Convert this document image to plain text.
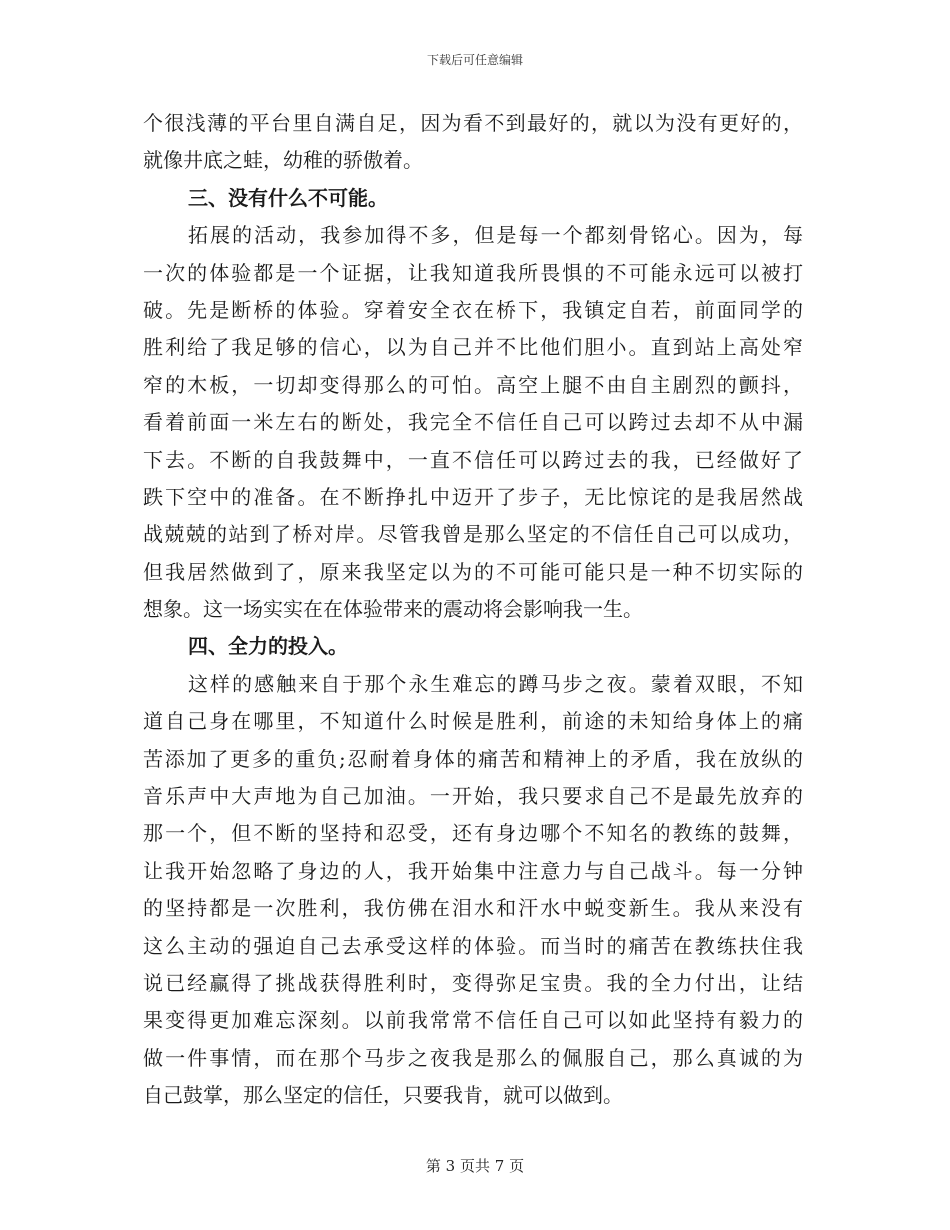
下载后可任意编辑
个很浅薄的平台里自满自足，因为看不到最好的，就以为没有更好的，
就像井底之蛙，幼稚的骄傲着。
三、没有什么不可能。
拓展的活动，我参加得不多，但是每一个都刻骨铭心。因为，每
一次的体验都是一个证据，让我知道我所畏惧的不可能永远可以被打
破。先是断桥的体验。穿着安全衣在桥下，我镇定自若，前面同学的
胜利给了我足够的信心，以为自己并不比他们胆小。直到站上高处窄
窄的木板，一切却变得那么的可怕。高空上腿不由自主剧烈的颤抖，
看着前面一米左右的断处，我完全不信任自己可以跨过去却不从中漏
下去。不断的自我鼓舞中，一直不信任可以跨过去的我，已经做好了
跌下空中的准备。在不断挣扎中迈开了步子，无比惊诧的是我居然战
战兢兢的站到了桥对岸。尽管我曾是那么坚定的不信任自己可以成功，
但我居然做到了，原来我坚定以为的不可能可能只是一种不切实际的
想象。这一场实实在在体验带来的震动将会影响我一生。
四、全力的投入。
这样的感触来自于那个永生难忘的蹲马步之夜。蒙着双眼，不知
道自己身在哪里，不知道什么时候是胜利，前途的未知给身体上的痛
苦添加了更多的重负;忍耐着身体的痛苦和精神上的矛盾，我在放纵的
音乐声中大声地为自己加油。一开始，我只要求自己不是最先放弃的
那一个，但不断的坚持和忍受，还有身边哪个不知名的教练的鼓舞，
让我开始忽略了身边的人，我开始集中注意力与自己战斗。每一分钟
的坚持都是一次胜利，我仿佛在泪水和汗水中蜕变新生。我从来没有
这么主动的强迫自己去承受这样的体验。而当时的痛苦在教练扶住我
说已经赢得了挑战获得胜利时，变得弥足宝贵。我的全力付出，让结
果变得更加难忘深刻。以前我常常不信任自己可以如此坚持有毅力的
做一件事情，而在那个马步之夜我是那么的佩服自己，那么真诚的为
自己鼓掌，那么坚定的信任，只要我肯，就可以做到。
第 3 页共 7 页
